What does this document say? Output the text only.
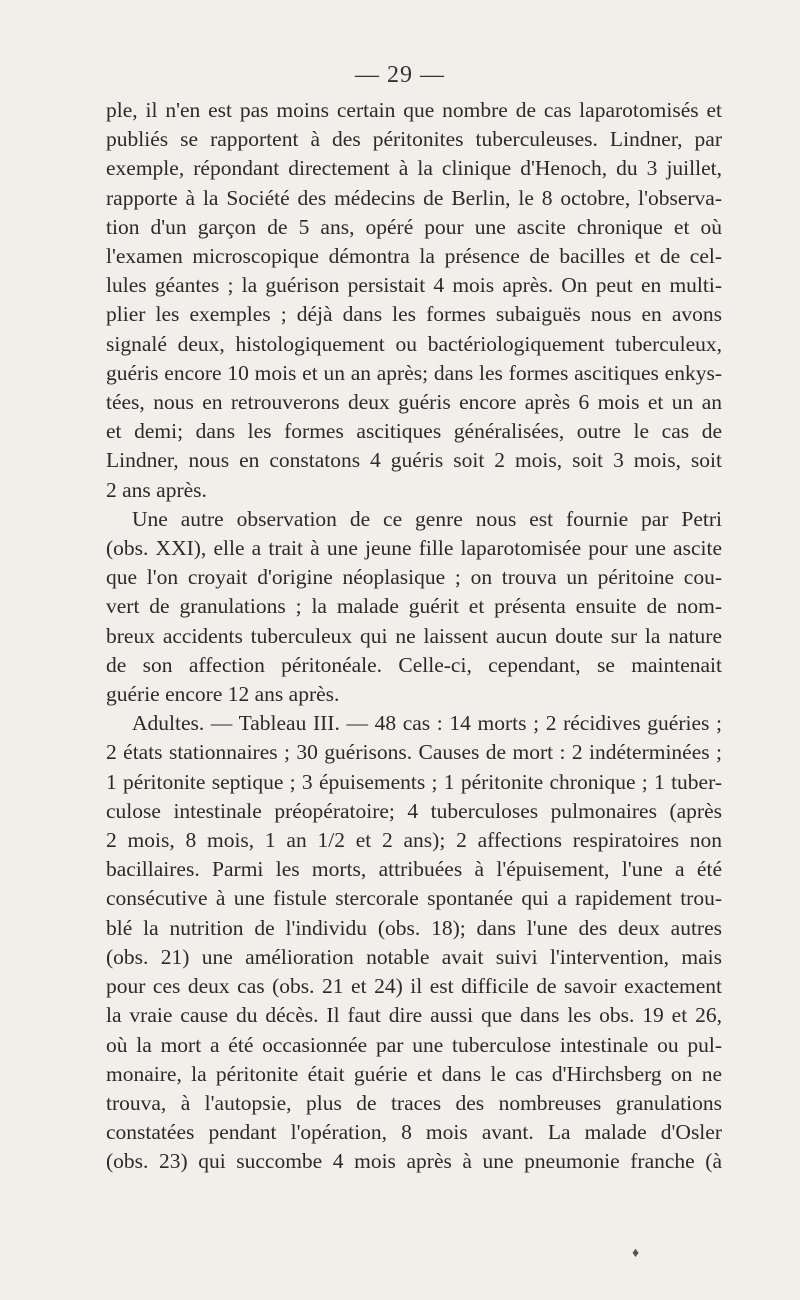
— 29 —
ple, il n'en est pas moins certain que nombre de cas laparotomisés et
publiés se rapportent à des péritonites tuberculeuses. Lindner, par
exemple, répondant directement à la clinique d'Henoch, du 3 juillet,
rapporte à la Société des médecins de Berlin, le 8 octobre, l'observa-
tion d'un garçon de 5 ans, opéré pour une ascite chronique et où
l'examen microscopique démontra la présence de bacilles et de cel-
lules géantes ; la guérison persistait 4 mois après. On peut en multi-
plier les exemples ; déjà dans les formes subaiguës nous en avons
signalé deux, histologiquement ou bactériologiquement tuberculeux,
guéris encore 10 mois et un an après; dans les formes ascitiques enkys-
tées, nous en retrouverons deux guéris encore après 6 mois et un an
et demi; dans les formes ascitiques généralisées, outre le cas de
Lindner, nous en constatons 4 guéris soit 2 mois, soit 3 mois, soit
2 ans après.
Une autre observation de ce genre nous est fournie par Petri
(obs. XXI), elle a trait à une jeune fille laparotomisée pour une ascite
que l'on croyait d'origine néoplasique ; on trouva un péritoine cou-
vert de granulations ; la malade guérit et présenta ensuite de nom-
breux accidents tuberculeux qui ne laissent aucun doute sur la nature
de son affection péritonéale. Celle-ci, cependant, se maintenait
guérie encore 12 ans après.
Adultes. — Tableau III. — 48 cas : 14 morts ; 2 récidives guéries ;
2 états stationnaires ; 30 guérisons. Causes de mort : 2 indéterminées ;
1 péritonite septique ; 3 épuisements ; 1 péritonite chronique ; 1 tuber-
culose intestinale préopératoire; 4 tuberculoses pulmonaires (après
2 mois, 8 mois, 1 an 1/2 et 2 ans); 2 affections respiratoires non
bacillaires. Parmi les morts, attribuées à l'épuisement, l'une a été
consécutive à une fistule stercorale spontanée qui a rapidement trou-
blé la nutrition de l'individu (obs. 18); dans l'une des deux autres
(obs. 21) une amélioration notable avait suivi l'intervention, mais
pour ces deux cas (obs. 21 et 24) il est difficile de savoir exactement
la vraie cause du décès. Il faut dire aussi que dans les obs. 19 et 26,
où la mort a été occasionnée par une tuberculose intestinale ou pul-
monaire, la péritonite était guérie et dans le cas d'Hirchsberg on ne
trouva, à l'autopsie, plus de traces des nombreuses granulations
constatées pendant l'opération, 8 mois avant. La malade d'Osler
(obs. 23) qui succombe 4 mois après à une pneumonie franche (à
♦
